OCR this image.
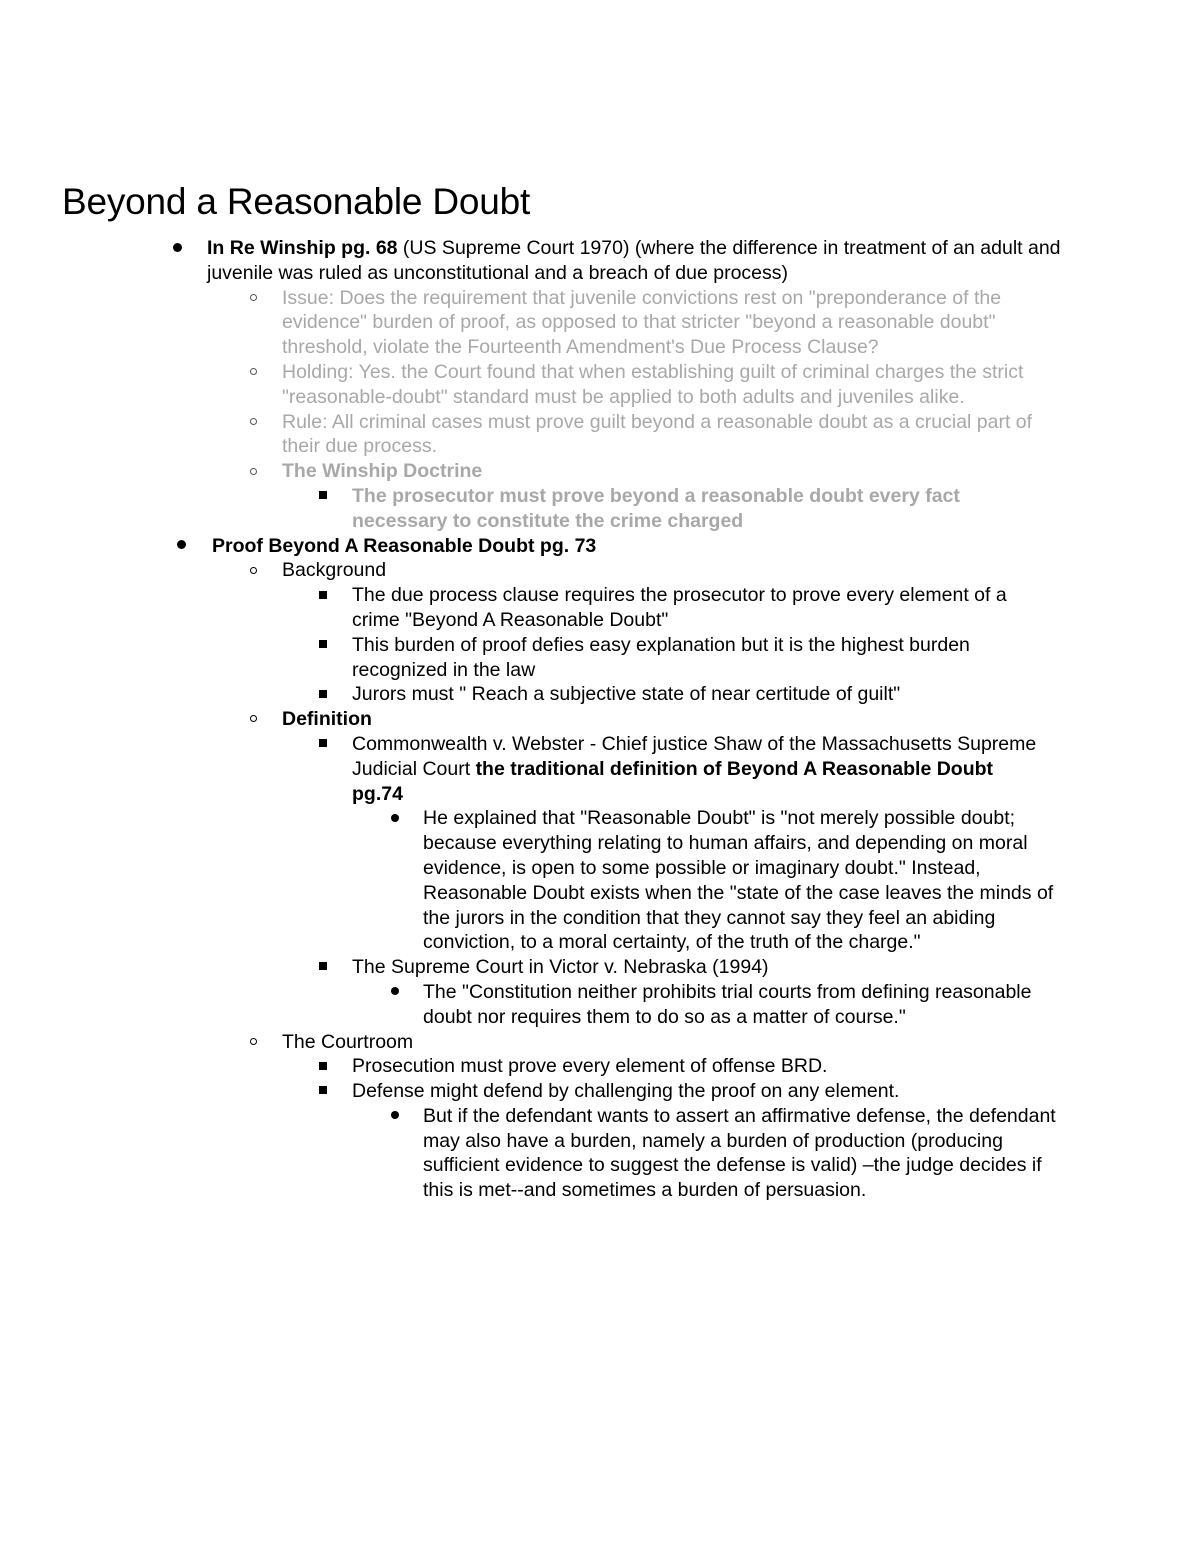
Beyond a Reasonable Doubt
In Re Winship pg. 68 (US Supreme Court 1970) (where the difference in treatment of an adult and juvenile was ruled as unconstitutional and a breach of due process)
Issue: Does the requirement that juvenile convictions rest on "preponderance of the evidence" burden of proof, as opposed to that stricter "beyond a reasonable doubt" threshold, violate the Fourteenth Amendment's Due Process Clause?
Holding: Yes. the Court found that when establishing guilt of criminal charges the strict "reasonable-doubt" standard must be applied to both adults and juveniles alike.
Rule: All criminal cases must prove guilt beyond a reasonable doubt as a crucial part of their due process.
The Winship Doctrine
The prosecutor must prove beyond a reasonable doubt every fact necessary to constitute the crime charged
Proof Beyond A Reasonable Doubt pg. 73
Background
The due process clause requires the prosecutor to prove every element of a crime "Beyond A Reasonable Doubt"
This burden of proof defies easy explanation but it is the highest burden recognized in the law
Jurors must " Reach a subjective state of near certitude of guilt"
Definition
Commonwealth v. Webster - Chief justice Shaw of the Massachusetts Supreme Judicial Court the traditional definition of Beyond A Reasonable Doubt pg.74
He explained that "Reasonable Doubt" is "not merely possible doubt; because everything relating to human affairs, and depending on moral evidence, is open to some possible or imaginary doubt." Instead, Reasonable Doubt exists when the "state of the case leaves the minds of the jurors in the condition that they cannot say they feel an abiding conviction, to a moral certainty, of the truth of the charge."
The Supreme Court in Victor v. Nebraska (1994)
The "Constitution neither prohibits trial courts from defining reasonable doubt nor requires them to do so as a matter of course."
The Courtroom
Prosecution must prove every element of offense BRD.
Defense might defend by challenging the proof on any element.
But if the defendant wants to assert an affirmative defense, the defendant may also have a burden, namely a burden of production (producing sufficient evidence to suggest the defense is valid) –the judge decides if this is met--and sometimes a burden of persuasion.
